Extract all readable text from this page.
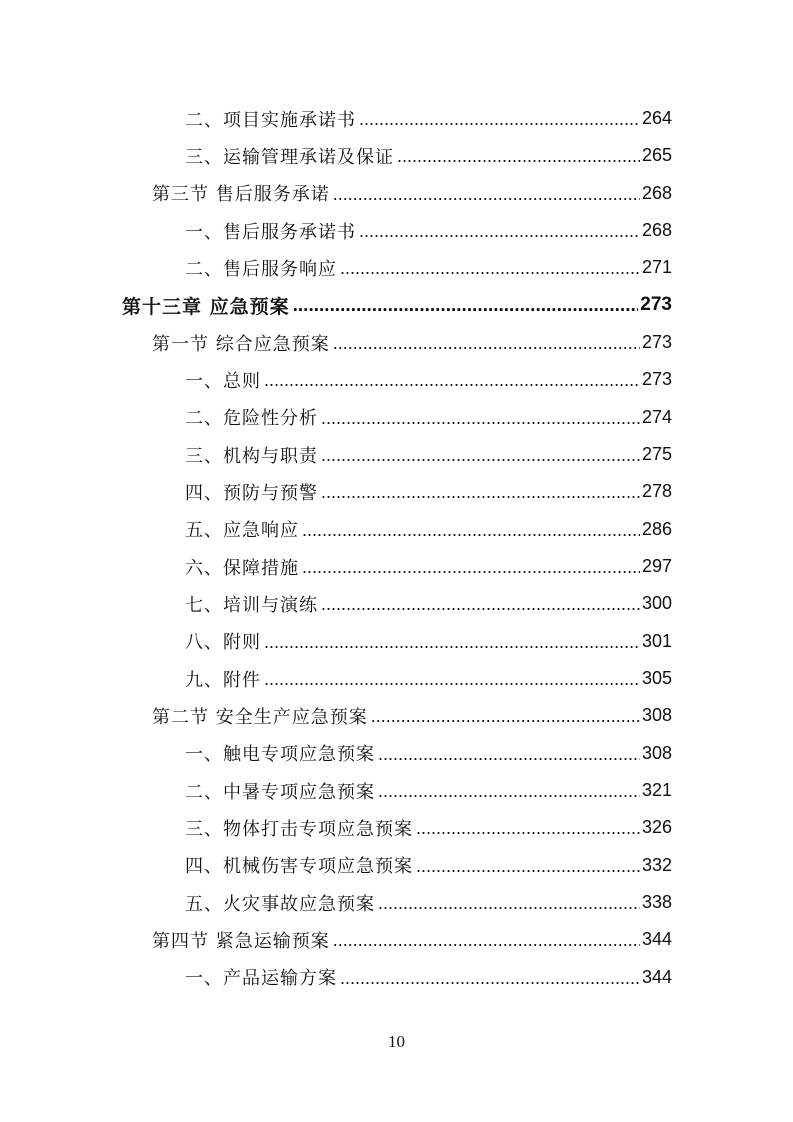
二、项目实施承诺书 .....	264
三、运输管理承诺及保证 .....	265
第三节 售后服务承诺 .....	268
一、售后服务承诺书 .....	268
二、售后服务响应 .....	271
第十三章 应急预案 .....	273
第一节 综合应急预案 .....	273
一、总则 .....	273
二、危险性分析 .....	274
三、机构与职责 .....	275
四、预防与预警 .....	278
五、应急响应 .....	286
六、保障措施 .....	297
七、培训与演练 .....	300
八、附则 .....	301
九、附件 .....	305
第二节 安全生产应急预案 .....	308
一、触电专项应急预案 .....	308
二、中暑专项应急预案 .....	321
三、物体打击专项应急预案 .....	326
四、机械伤害专项应急预案 .....	332
五、火灾事故应急预案 .....	338
第四节 紧急运输预案 .....	344
一、产品运输方案 .....	344
10
